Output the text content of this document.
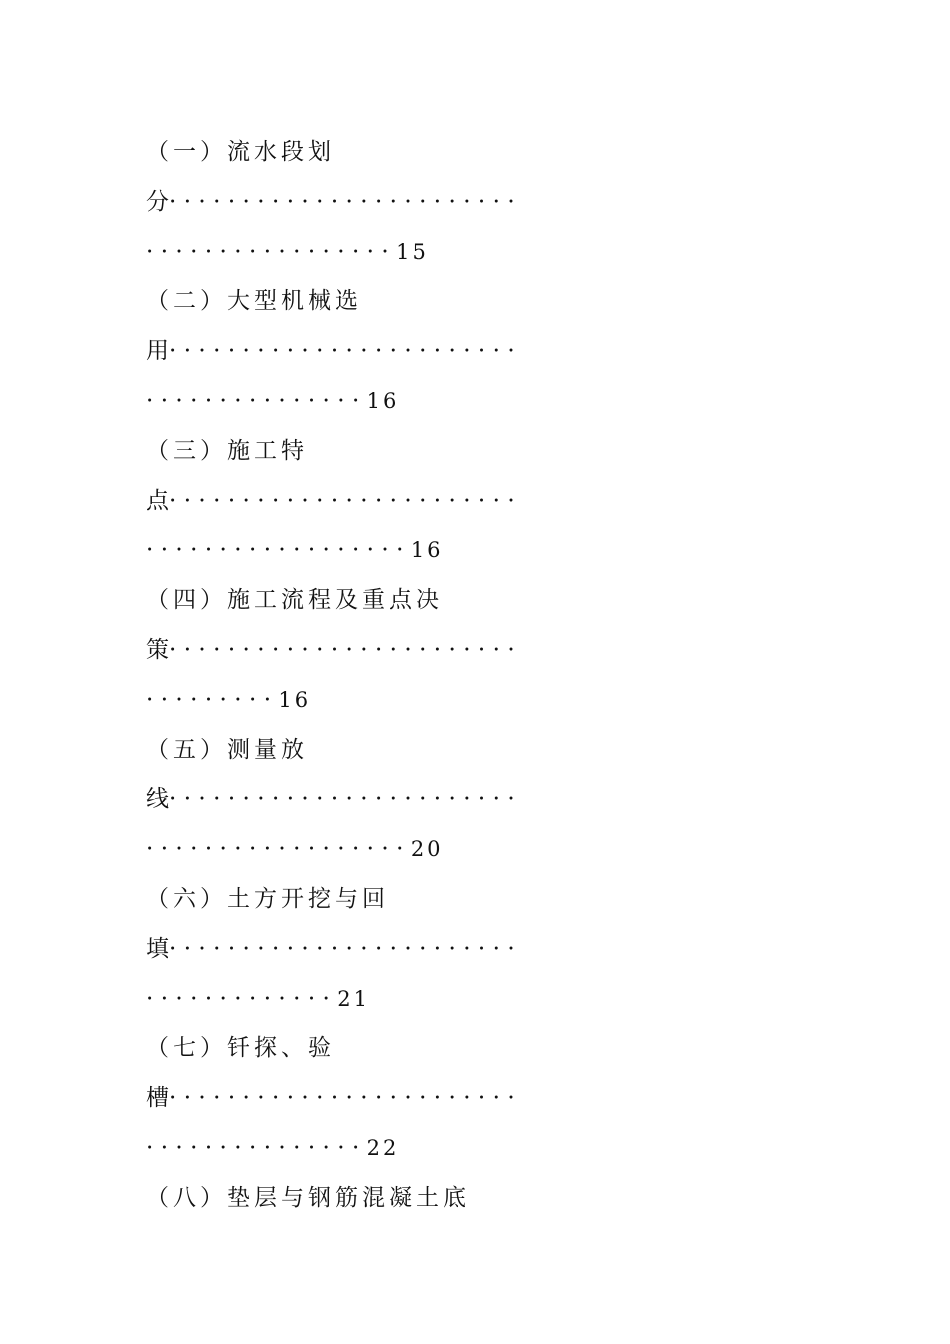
（一）流水段划
分························
·················15
（二）大型机械选
用························
···············16
（三）施工特
点························
··················16
（四）施工流程及重点决
策························
·········16
（五）测量放
线························
··················20
（六）土方开挖与回
填························
·············21
（七）钎探、验
槽························
···············22
（八）垫层与钢筋混凝土底
